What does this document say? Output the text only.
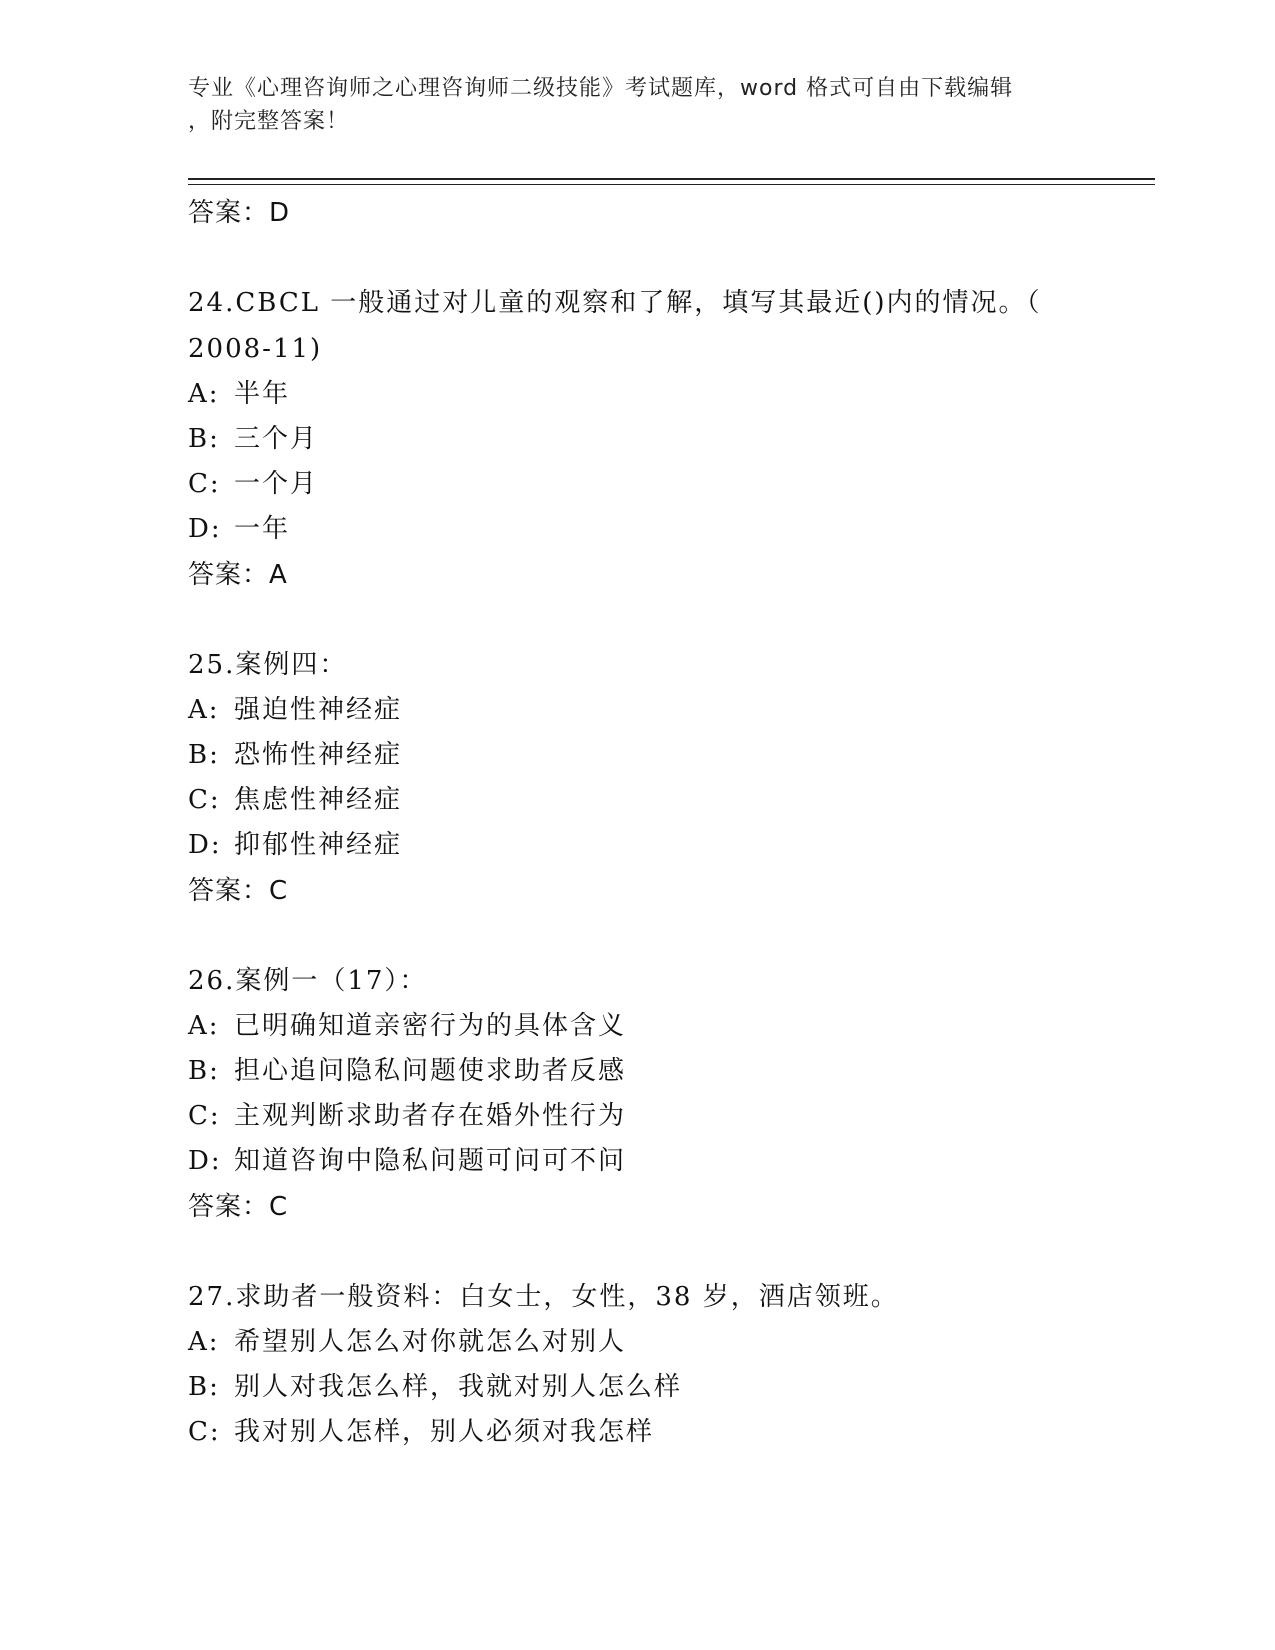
专业《心理咨询师之心理咨询师二级技能》考试题库，word 格式可自由下载编辑
，附完整答案！
答案：D
24.CBCL 一般通过对儿童的观察和了解，填写其最近()内的情况。（
2008-11)
A: 半年
B: 三个月
C: 一个月
D: 一年
答案：A
25.案例四：
A: 强迫性神经症
B: 恐怖性神经症
C: 焦虑性神经症
D: 抑郁性神经症
答案：C
26.案例一（17）：
A: 已明确知道亲密行为的具体含义
B: 担心追问隐私问题使求助者反感
C: 主观判断求助者存在婚外性行为
D: 知道咨询中隐私问题可问可不问
答案：C
27.求助者一般资料：白女士，女性，38 岁，酒店领班。
A: 希望别人怎么对你就怎么对别人
B: 别人对我怎么样，我就对别人怎么样
C: 我对别人怎样，别人必须对我怎样
